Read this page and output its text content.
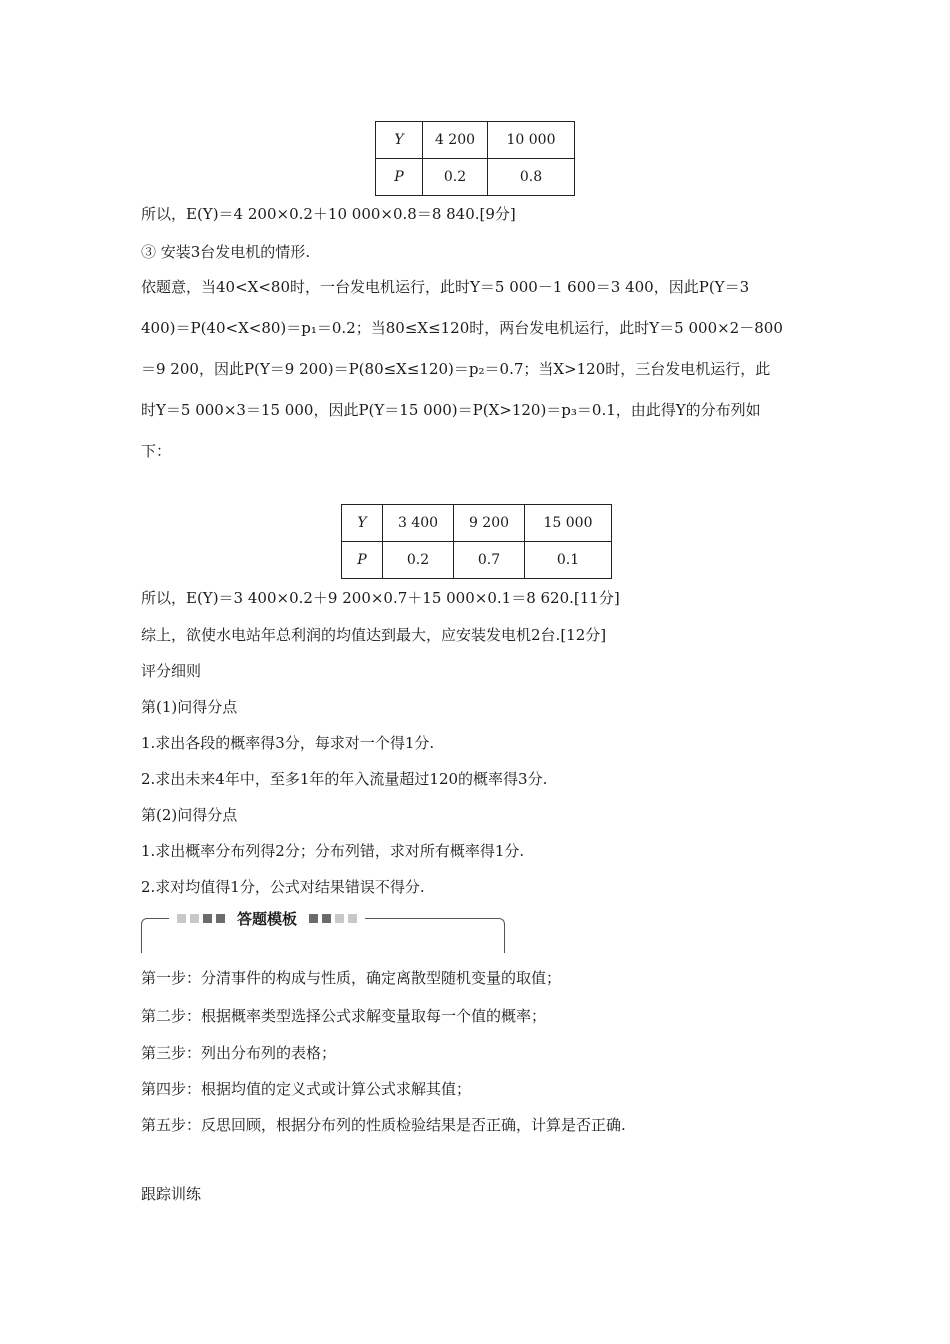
Y	4 200	10 000
P	0.2	0.8
所以，E(Y)＝4 200×0.2＋10 000×0.8＝8 840.[9分]
③ 安装3台发电机的情形.
依题意，当40<X<80时，一台发电机运行，此时Y＝5 000－1 600＝3 400，因此P(Y＝3
400)＝P(40<X<80)＝p₁＝0.2；当80≤X≤120时，两台发电机运行，此时Y＝5 000×2－800
＝9 200，因此P(Y＝9 200)＝P(80≤X≤120)＝p₂＝0.7；当X>120时，三台发电机运行，此
时Y＝5 000×3＝15 000，因此P(Y＝15 000)＝P(X>120)＝p₃＝0.1，由此得Y的分布列如
下：
Y	3 400	9 200	15 000
P	0.2	0.7	0.1
所以，E(Y)＝3 400×0.2＋9 200×0.7＋15 000×0.1＝8 620.[11分]
综上，欲使水电站年总利润的均值达到最大，应安装发电机2台.[12分]
评分细则
第(1)问得分点
1.求出各段的概率得3分，每求对一个得1分.
2.求出未来4年中，至多1年的年入流量超过120的概率得3分.
第(2)问得分点
1.求出概率分布列得2分；分布列错，求对所有概率得1分.
2.求对均值得1分，公式对结果错误不得分.
答题模板
第一步：分清事件的构成与性质，确定离散型随机变量的取值；
第二步：根据概率类型选择公式求解变量取每一个值的概率；
第三步：列出分布列的表格；
第四步：根据均值的定义式或计算公式求解其值；
第五步：反思回顾，根据分布列的性质检验结果是否正确，计算是否正确.
跟踪训练
